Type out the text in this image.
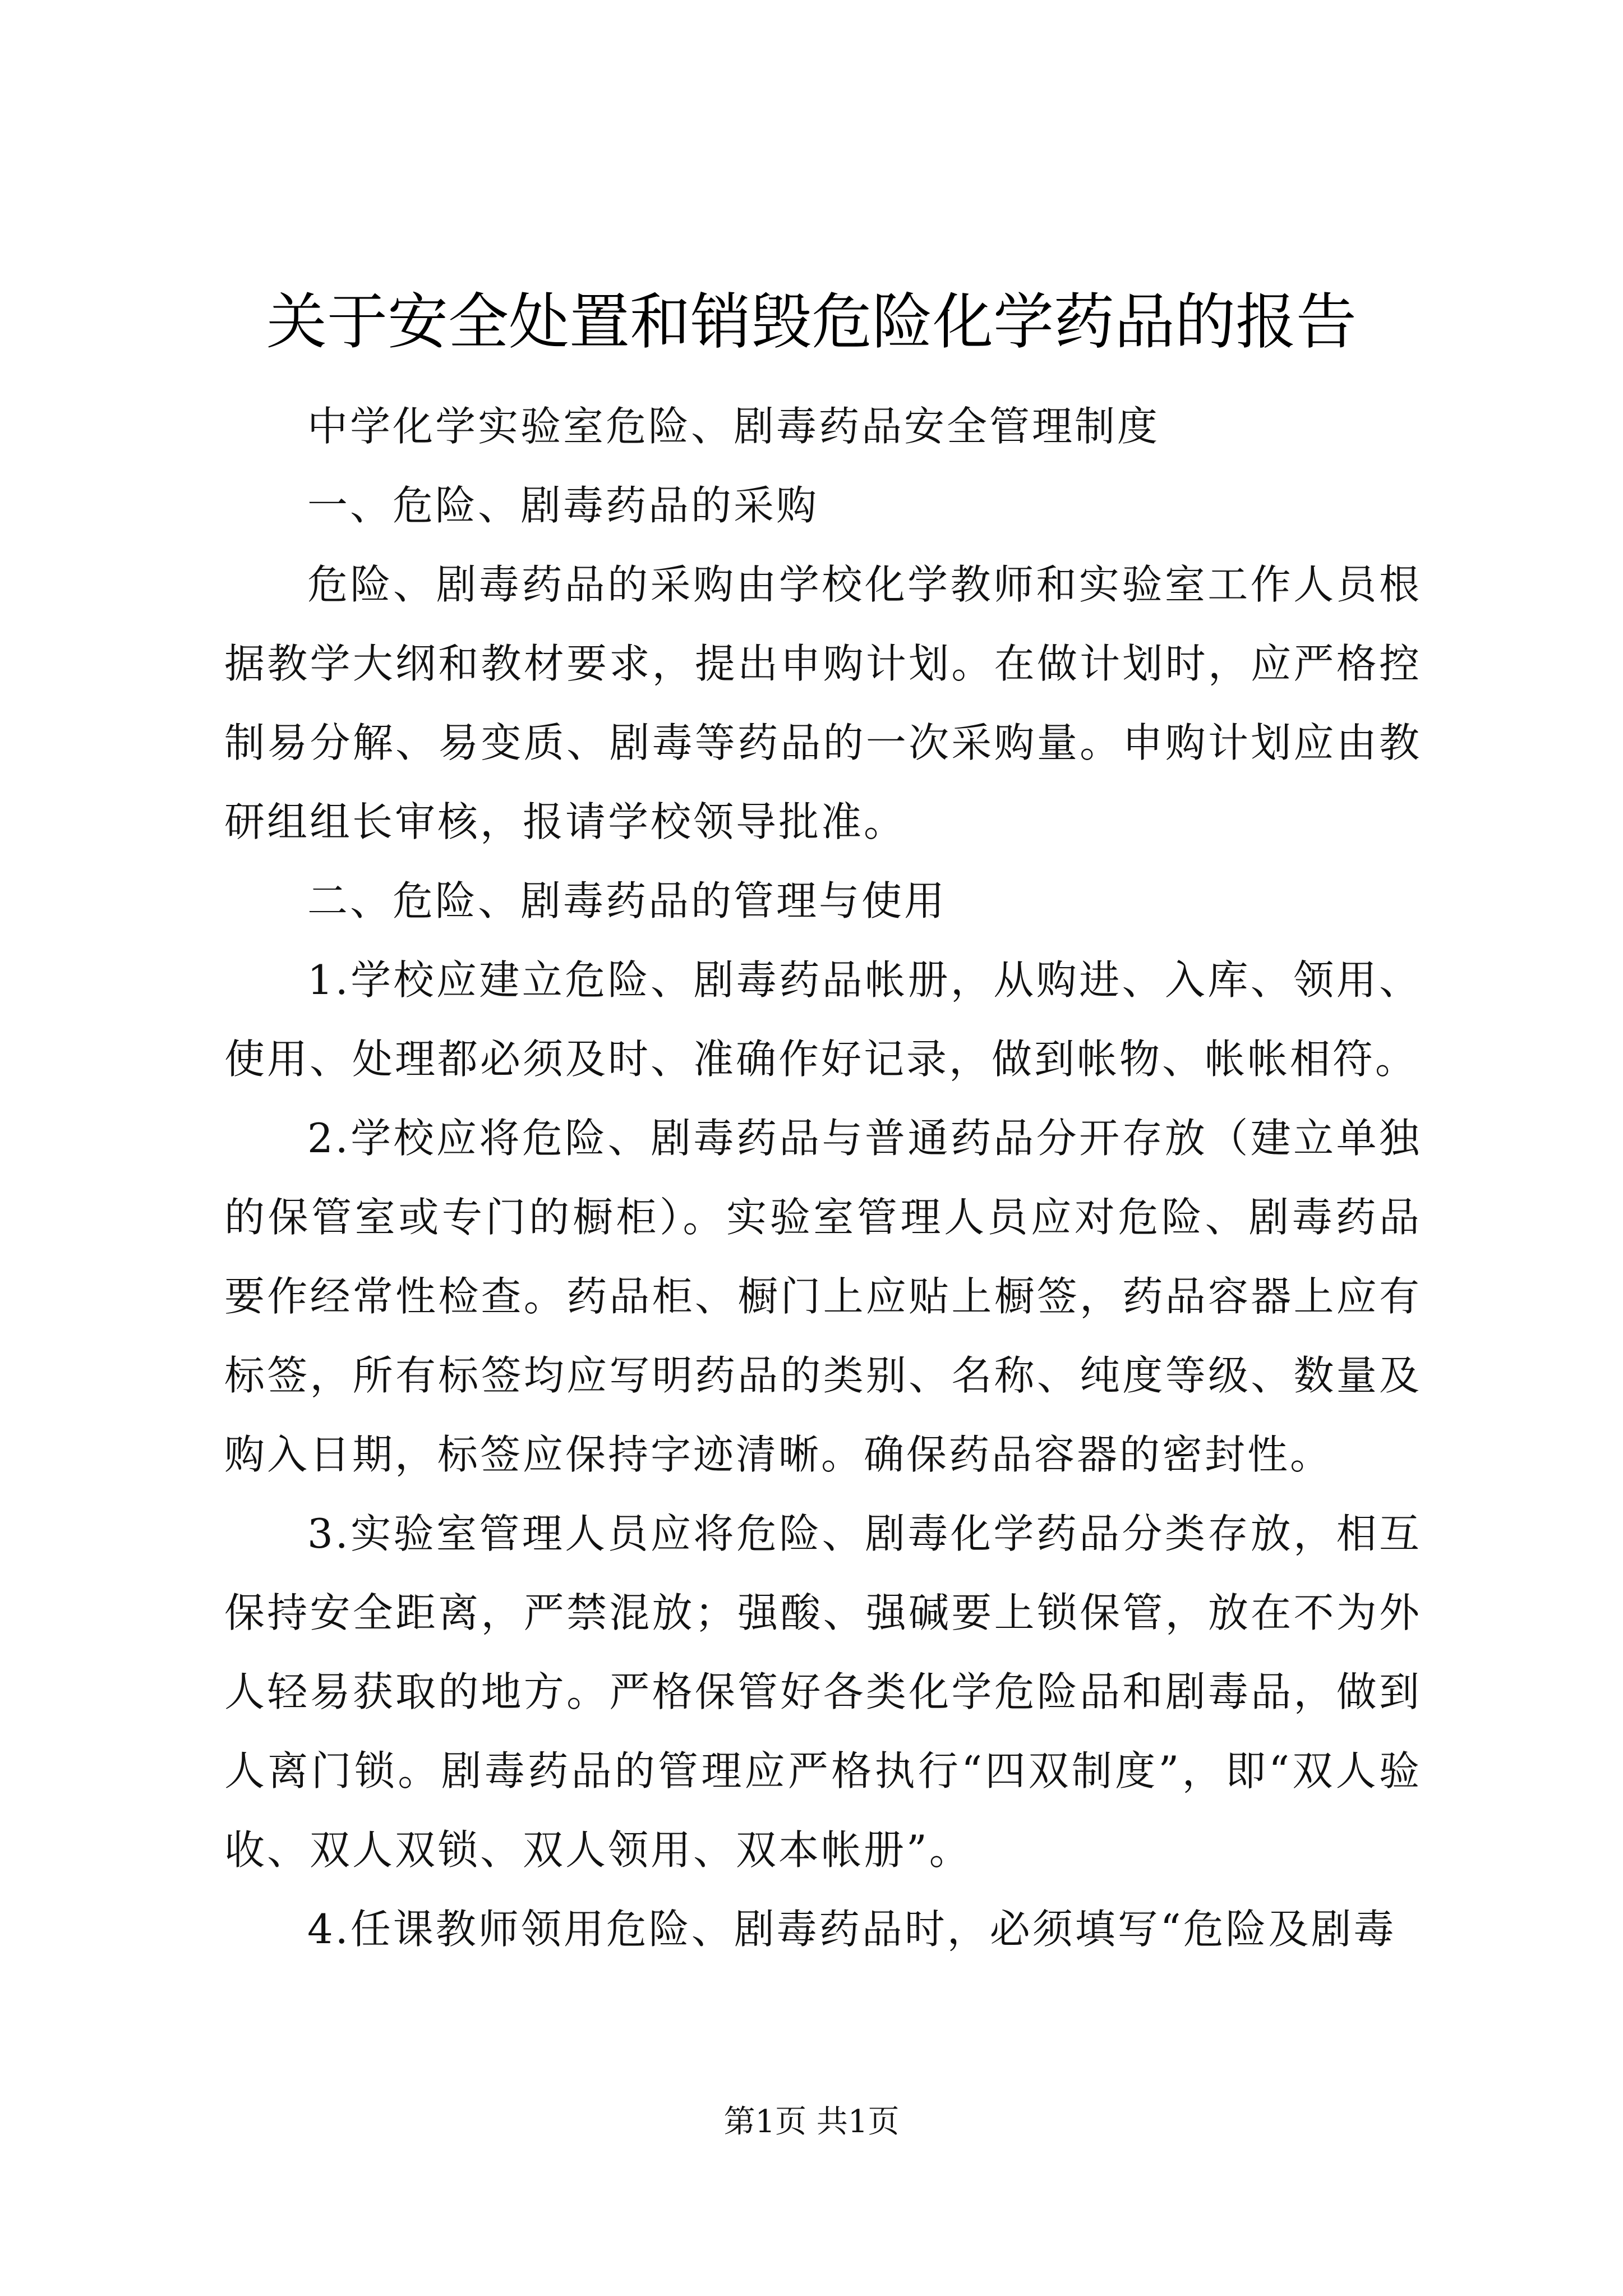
关于安全处置和销毁危险化学药品的报告

中学化学实验室危险、剧毒药品安全管理制度

一、危险、剧毒药品的采购

危险、剧毒药品的采购由学校化学教师和实验室工作人员根据教学大纲和教材要求，提出申购计划。在做计划时，应严格控制易分解、易变质、剧毒等药品的一次采购量。申购计划应由教研组组长审核，报请学校领导批准。

二、危险、剧毒药品的管理与使用

1.学校应建立危险、剧毒药品帐册，从购进、入库、领用、使用、处理都必须及时、准确作好记录，做到帐物、帐帐相符。

2.学校应将危险、剧毒药品与普通药品分开存放（建立单独的保管室或专门的橱柜）。实验室管理人员应对危险、剧毒药品要作经常性检查。药品柜、橱门上应贴上橱签，药品容器上应有标签，所有标签均应写明药品的类别、名称、纯度等级、数量及购入日期，标签应保持字迹清晰。确保药品容器的密封性。

3.实验室管理人员应将危险、剧毒化学药品分类存放，相互保持安全距离，严禁混放；强酸、强碱要上锁保管，放在不为外人轻易获取的地方。严格保管好各类化学危险品和剧毒品，做到人离门锁。剧毒药品的管理应严格执行“四双制度”，即“双人验收、双人双锁、双人领用、双本帐册”。

4.任课教师领用危险、剧毒药品时，必须填写“危险及剧毒

第1页 共1页
